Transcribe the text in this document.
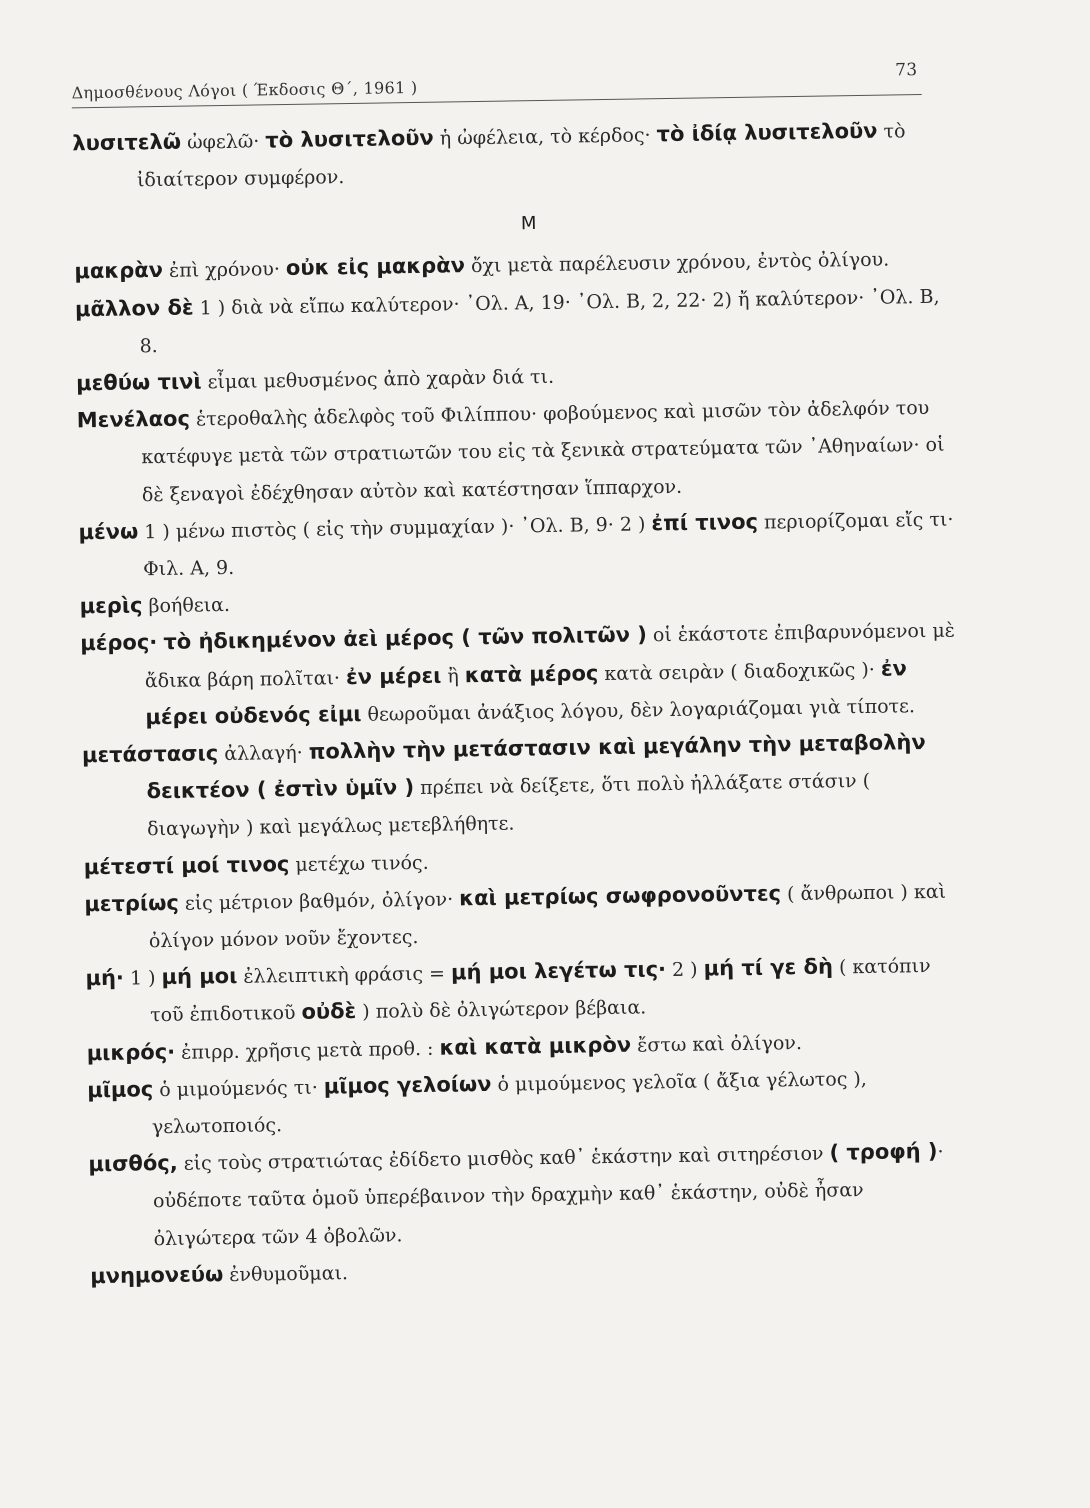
Δημοσθένους Λόγοι ( Έκδοσις Θ΄, 1961 )
73

λυσιτελῶ ὠφελῶ· τὸ λυσιτελοῦν ἡ ὠφέλεια, τὸ κέρδος· τὸ ἰδίᾳ λυσιτελοῦν τὸ ἰδιαίτερον συμφέρον.

Μ

μακρὰν ἐπὶ χρόνου· οὐκ εἰς μακρὰν ὄχι μετὰ παρέλευσιν χρόνου, ἐντὸς ὀλίγου.

μᾶλλον δὲ 1 ) διὰ νὰ εἴπω καλύτερον· ᾿Ολ. Α, 19· ᾿Ολ. Β, 2, 22· 2) ἤ καλύτερον· ᾿Ολ. Β, 8.

μεθύω τινὶ εἶμαι μεθυσμένος ἀπὸ χαρὰν διά τι.

Μενέλαος ἑτεροθαλὴς ἀδελφὸς τοῦ Φιλίππου· φοβούμενος καὶ μισῶν τὸν ἀδελφόν του κατέφυγε μετὰ τῶν στρατιωτῶν του εἰς τὰ ξενικὰ στρατεύματα τῶν ᾿Αθηναίων· οἱ δὲ ξεναγοὶ ἐδέχθησαν αὐτὸν καὶ κατέστησαν ἵππαρχον.

μένω 1 ) μένω πιστὸς ( εἰς τὴν συμμαχίαν )· ᾿Ολ. Β, 9· 2 ) ἐπί τινος περιορίζομαι εἴς τι· Φιλ. Α, 9.

μερὶς βοήθεια.

μέρος· τὸ ἠδικημένον ἀεὶ μέρος ( τῶν πολιτῶν ) οἱ ἑκάστοτε ἐπιβαρυνόμενοι μὲ ἄδικα βάρη πολῖται· ἐν μέρει ἢ κατὰ μέρος κατὰ σειρὰν ( διαδοχικῶς )· ἐν μέρει οὐδενός εἰμι θεωροῦμαι ἀνάξιος λόγου, δὲν λογαριάζομαι γιὰ τίποτε.

μετάστασις ἀλλαγή· πολλὴν τὴν μετάστασιν καὶ μεγάλην τὴν μεταβολὴν δεικτέον ( ἐστὶν ὑμῖν ) πρέπει νὰ δείξετε, ὅτι πολὺ ἠλλάξατε στάσιν ( διαγωγὴν ) καὶ μεγάλως μετεβλήθητε.

μέτεστί μοί τινος μετέχω τινός.

μετρίως εἰς μέτριον βαθμόν, ὀλίγον· καὶ μετρίως σωφρονοῦντες ( ἄνθρωποι ) καὶ ὀλίγον μόνον νοῦν ἔχοντες.

μή· 1 ) μή μοι ἐλλειπτικὴ φράσις = μή μοι λεγέτω τις· 2 ) μή τί γε δὴ ( κατόπιν τοῦ ἐπιδοτικοῦ οὐδὲ ) πολὺ δὲ ὀλιγώτερον βέβαια.

μικρός· ἐπιρρ. χρῆσις μετὰ προθ. : καὶ κατὰ μικρὸν ἔστω καὶ ὀλίγον.

μῖμος ὁ μιμούμενός τι· μῖμος γελοίων ὁ μιμούμενος γελοῖα ( ἄξια γέλωτος ), γελωτοποιός.

μισθός, εἰς τοὺς στρατιώτας ἐδίδετο μισθὸς καθ᾿ ἑκάστην καὶ σιτηρέσιον ( τροφή )· οὐδέποτε ταῦτα ὁμοῦ ὑπερέβαινον τὴν δραχμὴν καθ᾿ ἑκάστην, οὐδὲ ἦσαν ὀλιγώτερα τῶν 4 ὀβολῶν.

μνημονεύω ἐνθυμοῦμαι.
